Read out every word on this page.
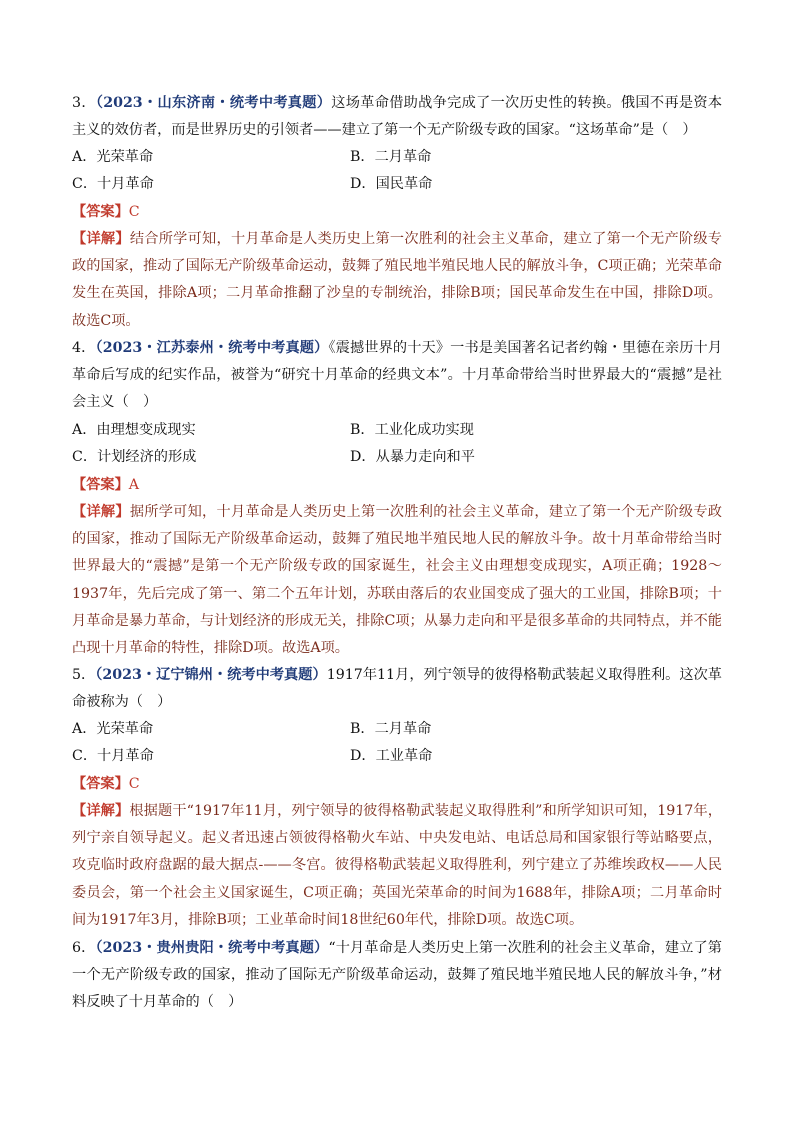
3．（2023・山东济南・统考中考真题）这场革命借助战争完成了一次历史性的转换。俄国不再是资本主义的效仿者，而是世界历史的引领者——建立了第一个无产阶级专政的国家。“这场革命”是（　）
A．光荣革命	B．二月革命
C．十月革命	D．国民革命
【答案】C
【详解】结合所学可知，十月革命是人类历史上第一次胜利的社会主义革命，建立了第一个无产阶级专政的国家，推动了国际无产阶级革命运动，鼓舞了殖民地半殖民地人民的解放斗争，C项正确；光荣革命发生在英国，排除A项；二月革命推翻了沙皇的专制统治，排除B项；国民革命发生在中国，排除D项。故选C项。
4．（2023・江苏泰州・统考中考真题）《震撼世界的十天》一书是美国著名记者约翰・里德在亲历十月革命后写成的纪实作品，被誉为“研究十月革命的经典文本”。十月革命带给当时世界最大的“震撼”是社会主义（　）
A．由理想变成现实	B．工业化成功实现
C．计划经济的形成	D．从暴力走向和平
【答案】A
【详解】据所学可知，十月革命是人类历史上第一次胜利的社会主义革命，建立了第一个无产阶级专政的国家，推动了国际无产阶级革命运动，鼓舞了殖民地半殖民地人民的解放斗争。故十月革命带给当时世界最大的“震撼”是第一个无产阶级专政的国家诞生，社会主义由理想变成现实，A项正确；1928～1937年，先后完成了第一、第二个五年计划，苏联由落后的农业国变成了强大的工业国，排除B项；十月革命是暴力革命，与计划经济的形成无关，排除C项；从暴力走向和平是很多革命的共同特点，并不能凸现十月革命的特性，排除D项。故选A项。
5．（2023・辽宁锦州・统考中考真题）1917年11月，列宁领导的彼得格勒武装起义取得胜利。这次革命被称为（　）
A．光荣革命	B．二月革命
C．十月革命	D．工业革命
【答案】C
【详解】根据题干“1917年11月，列宁领导的彼得格勒武装起义取得胜利”和所学知识可知，1917年，列宁亲自领导起义。起义者迅速占领彼得格勒火车站、中央发电站、电话总局和国家银行等站略要点，攻克临时政府盘踞的最大据点-——冬宫。彼得格勒武装起义取得胜利，列宁建立了苏维埃政权——人民委员会，第一个社会主义国家诞生，C项正确；英国光荣革命的时间为1688年，排除A项；二月革命时间为1917年3月，排除B项；工业革命时间18世纪60年代，排除D项。故选C项。
6．（2023・贵州贵阳・统考中考真题）“十月革命是人类历史上第一次胜利的社会主义革命，建立了第一个无产阶级专政的国家，推动了国际无产阶级革命运动，鼓舞了殖民地半殖民地人民的解放斗争，”材料反映了十月革命的（　）
